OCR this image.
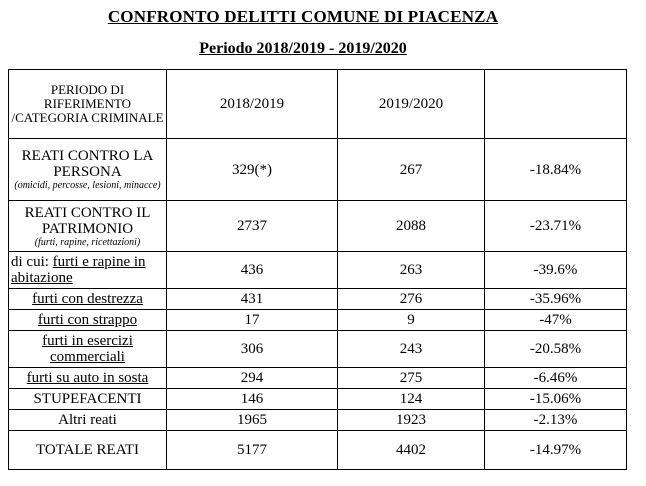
CONFRONTO DELITTI COMUNE DI PIACENZA
Periodo 2018/2019 - 2019/2020
PERIODO DI RIFERIMENTO /CATEGORIA CRIMINALE	2018/2019	2019/2020	

REATI CONTRO LA PERSONA
(omicidi, percosse, lesioni, minacce)	329(*)	267	-18.84%

REATI CONTRO IL PATRIMONIO
(furti, rapine, ricettazioni)	2737	2088	-23.71%
di cui: furti e rapine in abitazione	436	263	-39.6%
furti con destrezza	431	276	-35.96%
furti con strappo	17	9	-47%
furti in esercizi commerciali	306	243	-20.58%
furti su auto in sosta	294	275	-6.46%
STUPEFACENTI	146	124	-15.06%
Altri reati	1965	1923	-2.13%

TOTALE REATI	5177	4402	-14.97%
